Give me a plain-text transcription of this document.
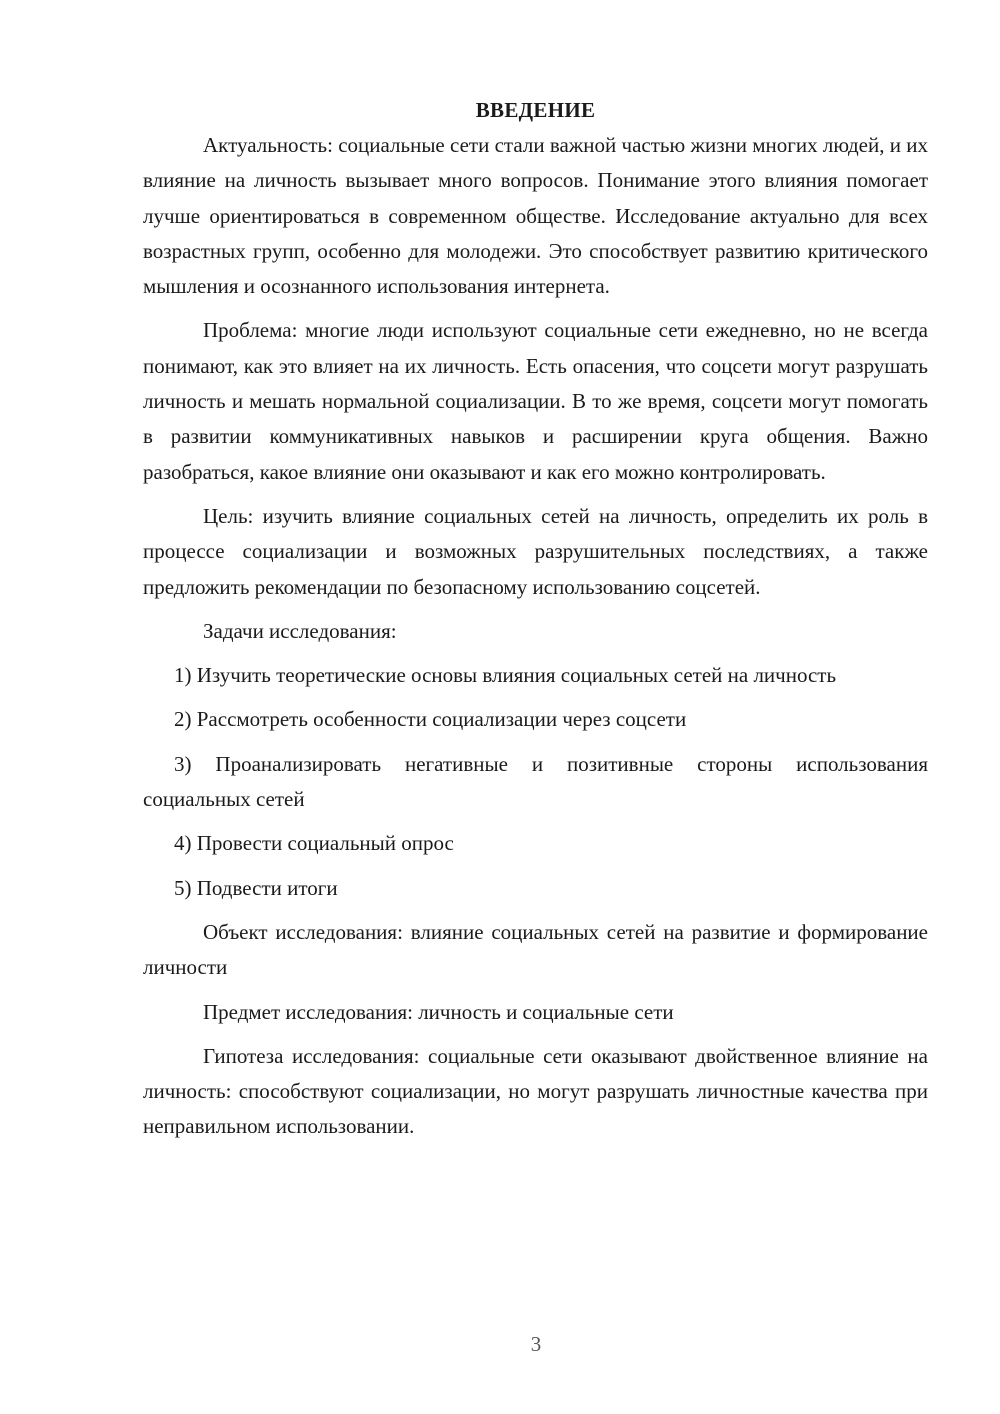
ВВЕДЕНИЕ

Актуальность: социальные сети стали важной частью жизни многих людей, и их влияние на личность вызывает много вопросов. Понимание этого влияния помогает лучше ориентироваться в современном обществе. Исследование актуально для всех возрастных групп, особенно для молодежи. Это способствует развитию критического мышления и осознанного использования интернета.

Проблема: многие люди используют социальные сети ежедневно, но не всегда понимают, как это влияет на их личность. Есть опасения, что соцсети могут разрушать личность и мешать нормальной социализации. В то же время, соцсети могут помогать в развитии коммуникативных навыков и расширении круга общения. Важно разобраться, какое влияние они оказывают и как его можно контролировать.

Цель: изучить влияние социальных сетей на личность, определить их роль в процессе социализации и возможных разрушительных последствиях, а также предложить рекомендации по безопасному использованию соцсетей.

Задачи исследования:

1) Изучить теоретические основы влияния социальных сетей на личность

2) Рассмотреть особенности социализации через соцсети

3) Проанализировать негативные и позитивные стороны использования социальных сетей

4) Провести социальный опрос

5) Подвести итоги

Объект исследования: влияние социальных сетей на развитие и формирование личности

Предмет исследования: личность и социальные сети

Гипотеза исследования: социальные сети оказывают двойственное влияние на личность: способствуют социализации, но могут разрушать личностные качества при неправильном использовании.

3
